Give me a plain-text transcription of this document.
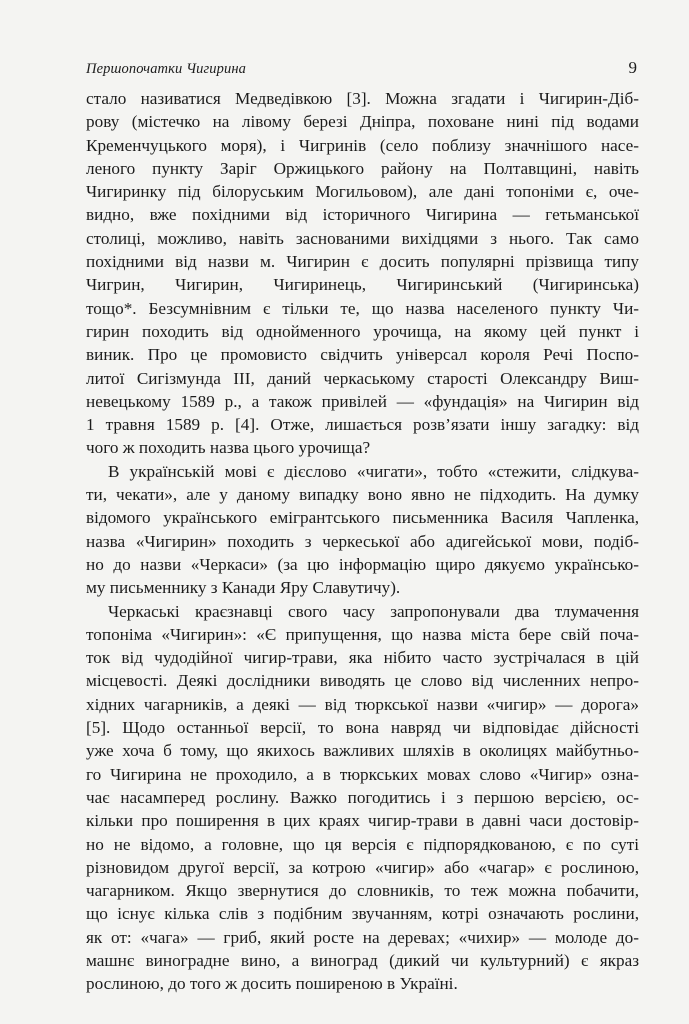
Першопочатки Чигирина	9

стало називатися Медведівкою [3]. Можна згадати і Чигирин-Діб-
рову (містечко на лівому березі Дніпра, поховане нині під водами
Кременчуцького моря), і Чигринів (село поблизу значнішого насе-
леного пункту Заріг Оржицького району на Полтавщині, навіть
Чигиринку під білоруським Могильовом), але дані топоніми є, оче-
видно, вже похідними від історичного Чигирина — гетьманської
столиці, можливо, навіть заснованими вихідцями з нього. Так само
похідними від назви м. Чигирин є досить популярні прізвища типу
Чигрин, Чигирин, Чигиринець, Чигиринський (Чигиринська)
тощо*. Безсумнівним є тільки те, що назва населеного пункту Чи-
гирин походить від однойменного урочища, на якому цей пункт і
виник. Про це промовисто свідчить універсал короля Речі Поспо-
литої Сигізмунда III, даний черкаському старості Олександру Виш-
невецькому 1589 р., а також привілей — «фундація» на Чигирин від
1 травня 1589 р. [4]. Отже, лишається розв’язати іншу загадку: від
чого ж походить назва цього урочища?

В українській мові є дієслово «чигати», тобто «стежити, слідкува-
ти, чекати», але у даному випадку воно явно не підходить. На думку
відомого українського емігрантського письменника Василя Чапленка,
назва «Чигирин» походить з черкеської або адигейської мови, подіб-
но до назви «Черкаси» (за цю інформацію щиро дякуємо українсько-
му письменнику з Канади Яру Славутичу).

Черкаські краєзнавці свого часу запропонували два тлумачення
топоніма «Чигирин»: «Є припущення, що назва міста бере свій поча-
ток від чудодійної чигир-трави, яка нібито часто зустрічалася в цій
місцевості. Деякі дослідники виводять це слово від численних непро-
хідних чагарників, а деякі — від тюркської назви «чигир» — дорога»
[5]. Щодо останньої версії, то вона навряд чи відповідає дійсності
уже хоча б тому, що якихось важливих шляхів в околицях майбутньо-
го Чигирина не проходило, а в тюркських мовах слово «Чигир» озна-
чає насамперед рослину. Важко погодитись і з першою версією, ос-
кільки про поширення в цих краях чигир-трави в давні часи достовір-
но не відомо, а головне, що ця версія є підпорядкованою, є по суті
різновидом другої версії, за котрою «чигир» або «чагар» є рослиною,
чагарником. Якщо звернутися до словників, то теж можна побачити,
що існує кілька слів з подібним звучанням, котрі означають рослини,
як от: «чага» — гриб, який росте на деревах; «чихир» — молоде до-
машнє виноградне вино, а виноград (дикий чи культурний) є якраз
рослиною, до того ж досить поширеною в Україні.
